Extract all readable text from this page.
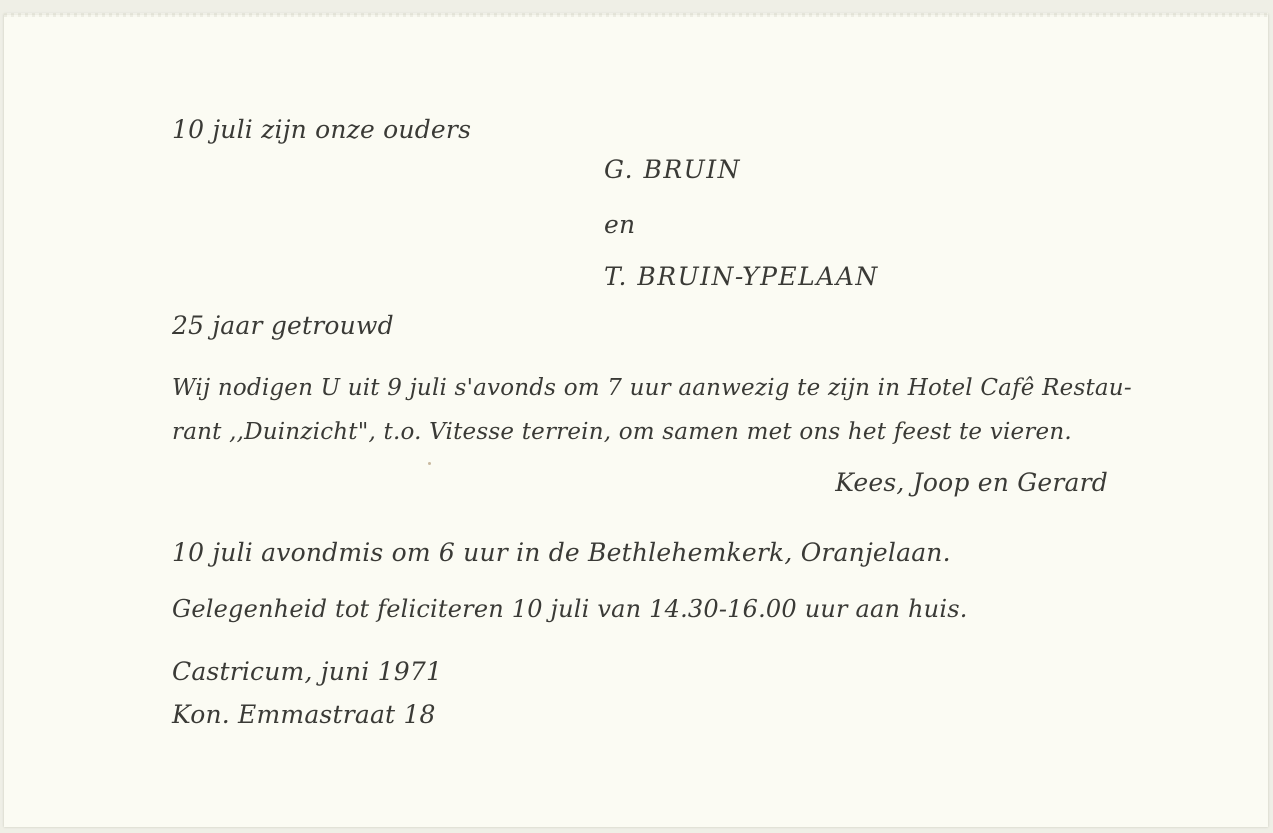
10 juli zijn onze ouders
G. BRUIN
en
T. BRUIN-YPELAAN
25 jaar getrouwd
Wij nodigen U uit 9 juli s'avonds om 7 uur aanwezig te zijn in Hotel Cafê Restau-
rant ,,Duinzicht", t.o. Vitesse terrein, om samen met ons het feest te vieren.
Kees, Joop en Gerard
10 juli avondmis om 6 uur in de Bethlehemkerk, Oranjelaan.
Gelegenheid tot feliciteren 10 juli van 14.30-16.00 uur aan huis.
Castricum, juni 1971
Kon. Emmastraat 18
